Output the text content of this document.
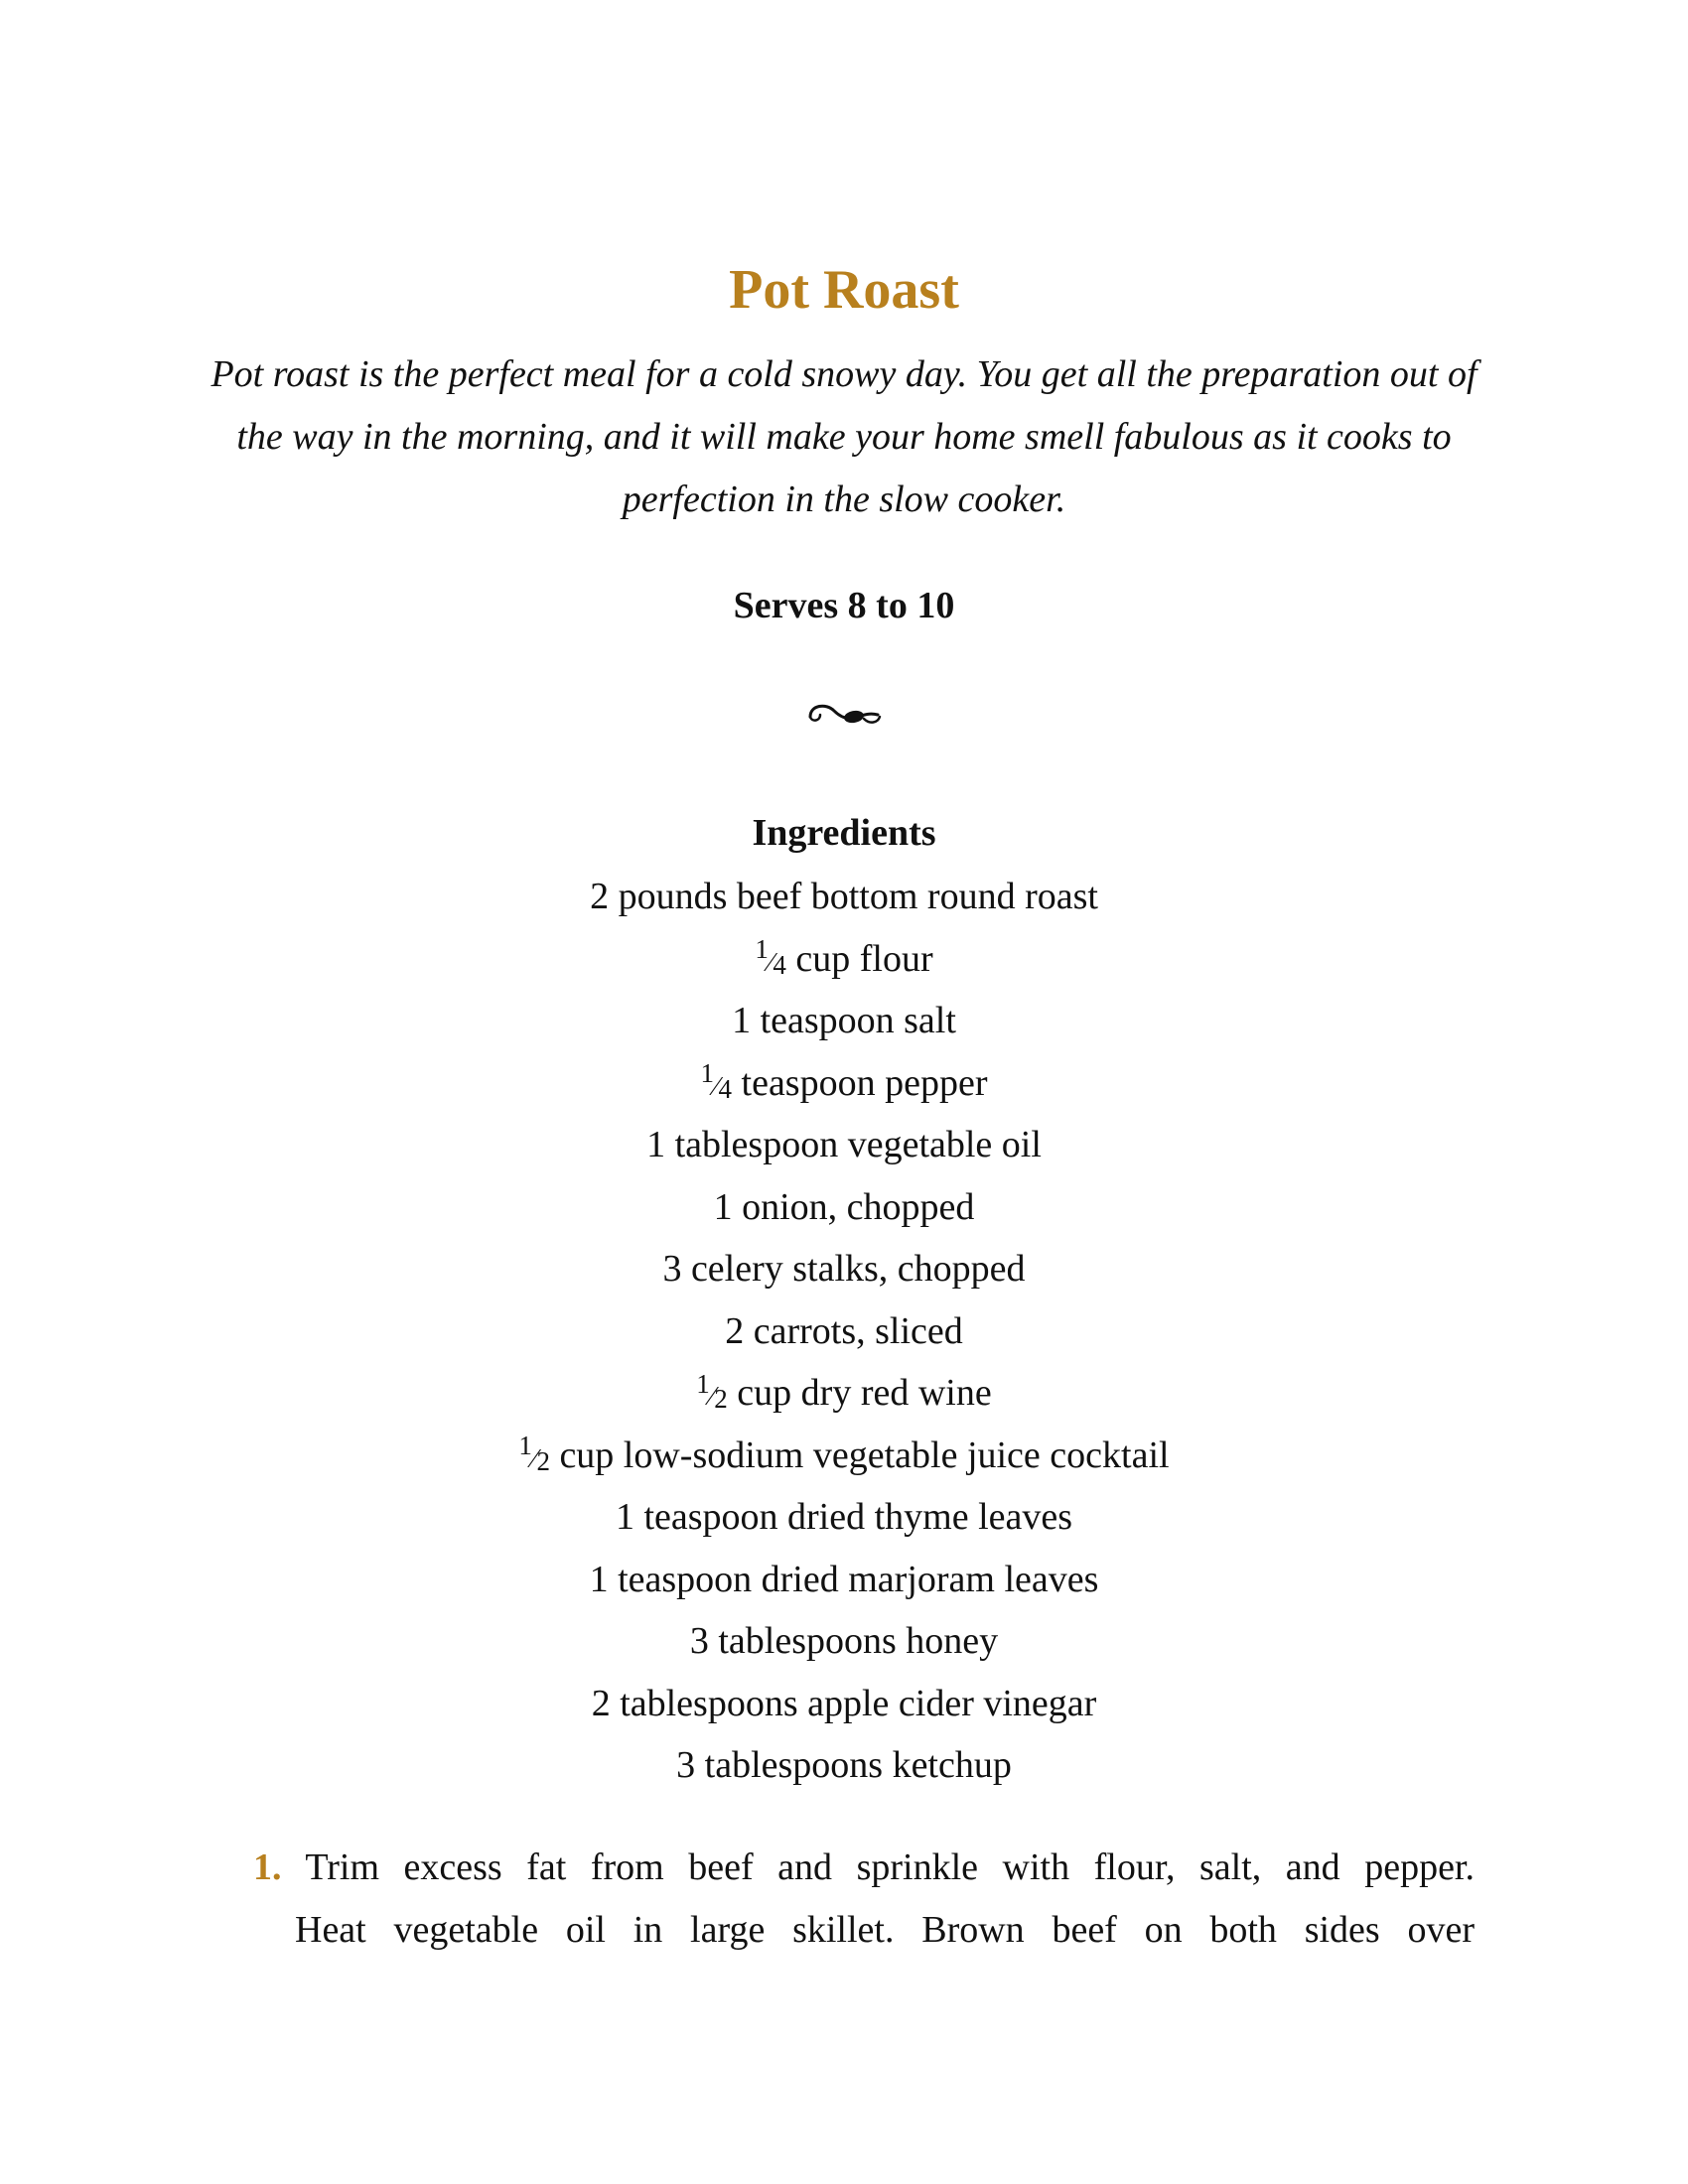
Pot Roast
Pot roast is the perfect meal for a cold snowy day. You get all the preparation out of the way in the morning, and it will make your home smell fabulous as it cooks to perfection in the slow cooker.
Serves 8 to 10
Ingredients
2 pounds beef bottom round roast
1⁄4 cup flour
1 teaspoon salt
1⁄4 teaspoon pepper
1 tablespoon vegetable oil
1 onion, chopped
3 celery stalks, chopped
2 carrots, sliced
1⁄2 cup dry red wine
1⁄2 cup low-sodium vegetable juice cocktail
1 teaspoon dried thyme leaves
1 teaspoon dried marjoram leaves
3 tablespoons honey
2 tablespoons apple cider vinegar
3 tablespoons ketchup
1. Trim excess fat from beef and sprinkle with flour, salt, and pepper.
Heat vegetable oil in large skillet. Brown beef on both sides over
